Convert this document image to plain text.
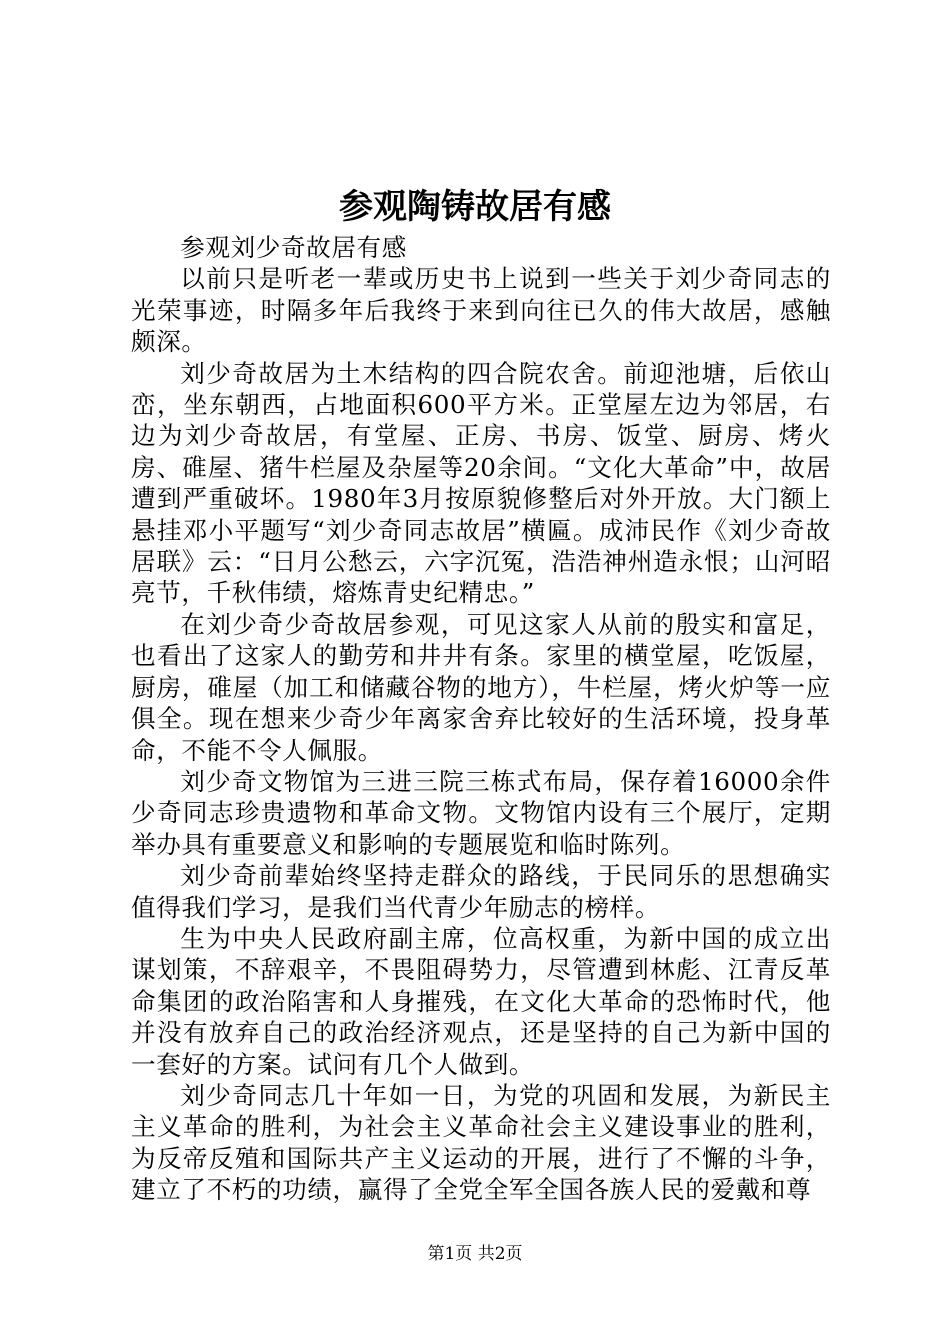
参观陶铸故居有感

参观刘少奇故居有感

以前只是听老一辈或历史书上说到一些关于刘少奇同志的光荣事迹，时隔多年后我终于来到向往已久的伟大故居，感触颇深。

刘少奇故居为土木结构的四合院农舍。前迎池塘，后依山峦，坐东朝西，占地面积600平方米。正堂屋左边为邻居，右边为刘少奇故居，有堂屋、正房、书房、饭堂、厨房、烤火房、碓屋、猪牛栏屋及杂屋等20余间。“文化大革命”中，故居遭到严重破坏。1980年3月按原貌修整后对外开放。大门额上悬挂邓小平题写“刘少奇同志故居”横匾。成沛民作《刘少奇故居联》云：“日月公愁云，六字沉冤，浩浩神州造永恨；山河昭亮节，千秋伟绩，熔炼青史纪精忠。”

在刘少奇少奇故居参观，可见这家人从前的殷实和富足，也看出了这家人的勤劳和井井有条。家里的横堂屋，吃饭屋，厨房，碓屋（加工和储藏谷物的地方），牛栏屋，烤火炉等一应俱全。现在想来少奇少年离家舍弃比较好的生活环境，投身革命，不能不令人佩服。

刘少奇文物馆为三进三院三栋式布局，保存着16000余件少奇同志珍贵遗物和革命文物。文物馆内设有三个展厅，定期举办具有重要意义和影响的专题展览和临时陈列。

刘少奇前辈始终坚持走群众的路线，于民同乐的思想确实值得我们学习，是我们当代青少年励志的榜样。

生为中央人民政府副主席，位高权重，为新中国的成立出谋划策，不辞艰辛，不畏阻碍势力，尽管遭到林彪、江青反革命集团的政治陷害和人身摧残，在文化大革命的恐怖时代，他并没有放弃自己的政治经济观点，还是坚持的自己为新中国的一套好的方案。试问有几个人做到。

刘少奇同志几十年如一日，为党的巩固和发展，为新民主主义革命的胜利，为社会主义革命社会主义建设事业的胜利，为反帝反殖和国际共产主义运动的开展，进行了不懈的斗争，建立了不朽的功绩，赢得了全党全军全国各族人民的爱戴和尊

第1页 共2页
